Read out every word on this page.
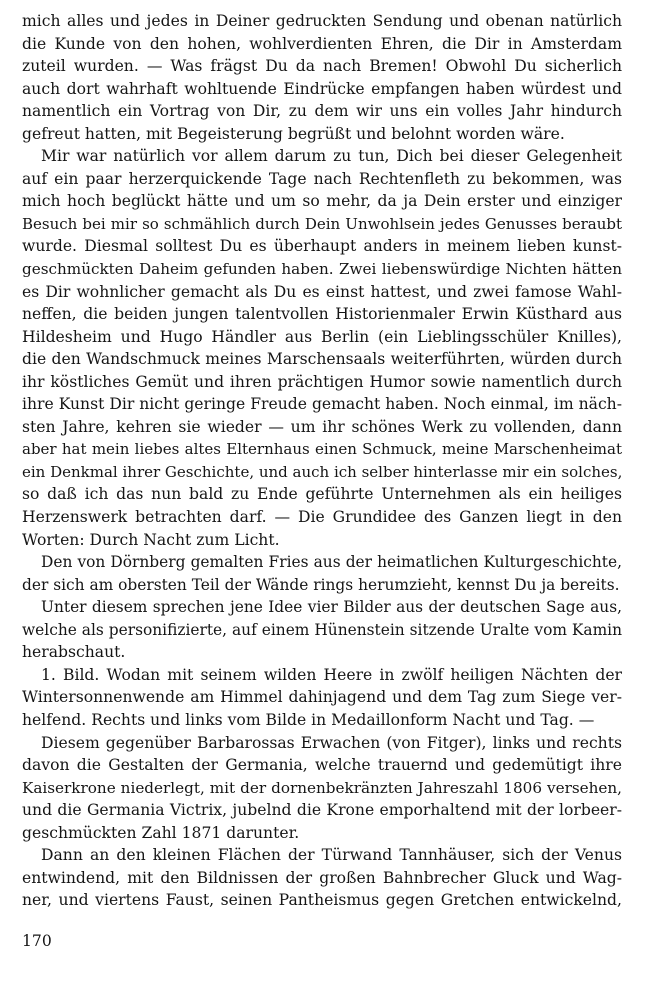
mich alles und jedes in Deiner gedruckten Sendung und obenan natürlich
die Kunde von den hohen, wohlverdienten Ehren, die Dir in Amsterdam
zuteil wurden. — Was frägst Du da nach Bremen! Obwohl Du sicherlich
auch dort wahrhaft wohltuende Eindrücke empfangen haben würdest und
namentlich ein Vortrag von Dir, zu dem wir uns ein volles Jahr hindurch
gefreut hatten, mit Begeisterung begrüßt und belohnt worden wäre.
Mir war natürlich vor allem darum zu tun, Dich bei dieser Gelegenheit
auf ein paar herzerquickende Tage nach Rechtenfleth zu bekommen, was
mich hoch beglückt hätte und um so mehr, da ja Dein erster und einziger
Besuch bei mir so schmählich durch Dein Unwohlsein jedes Genusses beraubt
wurde. Diesmal solltest Du es überhaupt anders in meinem lieben kunst-
geschmückten Daheim gefunden haben. Zwei liebenswürdige Nichten hätten
es Dir wohnlicher gemacht als Du es einst hattest, und zwei famose Wahl-
neffen, die beiden jungen talentvollen Historienmaler Erwin Küsthard aus
Hildesheim und Hugo Händler aus Berlin (ein Lieblingsschüler Knilles),
die den Wandschmuck meines Marschensaals weiterführten, würden durch
ihr köstliches Gemüt und ihren prächtigen Humor sowie namentlich durch
ihre Kunst Dir nicht geringe Freude gemacht haben. Noch einmal, im näch-
sten Jahre, kehren sie wieder — um ihr schönes Werk zu vollenden, dann
aber hat mein liebes altes Elternhaus einen Schmuck, meine Marschenheimat
ein Denkmal ihrer Geschichte, und auch ich selber hinterlasse mir ein solches,
so daß ich das nun bald zu Ende geführte Unternehmen als ein heiliges
Herzenswerk betrachten darf. — Die Grundidee des Ganzen liegt in den
Worten: Durch Nacht zum Licht.
Den von Dörnberg gemalten Fries aus der heimatlichen Kulturgeschichte,
der sich am obersten Teil der Wände rings herumzieht, kennst Du ja bereits.
Unter diesem sprechen jene Idee vier Bilder aus der deutschen Sage aus,
welche als personifizierte, auf einem Hünenstein sitzende Uralte vom Kamin
herabschaut.
1. Bild. Wodan mit seinem wilden Heere in zwölf heiligen Nächten der
Wintersonnenwende am Himmel dahinjagend und dem Tag zum Siege ver-
helfend. Rechts und links vom Bilde in Medaillonform Nacht und Tag. —
Diesem gegenüber Barbarossas Erwachen (von Fitger), links und rechts
davon die Gestalten der Germania, welche trauernd und gedemütigt ihre
Kaiserkrone niederlegt, mit der dornenbekränzten Jahreszahl 1806 versehen,
und die Germania Victrix, jubelnd die Krone emporhaltend mit der lorbeer-
geschmückten Zahl 1871 darunter.
Dann an den kleinen Flächen der Türwand Tannhäuser, sich der Venus
entwindend, mit den Bildnissen der großen Bahnbrecher Gluck und Wag-
ner, und viertens Faust, seinen Pantheismus gegen Gretchen entwickelnd,
170
